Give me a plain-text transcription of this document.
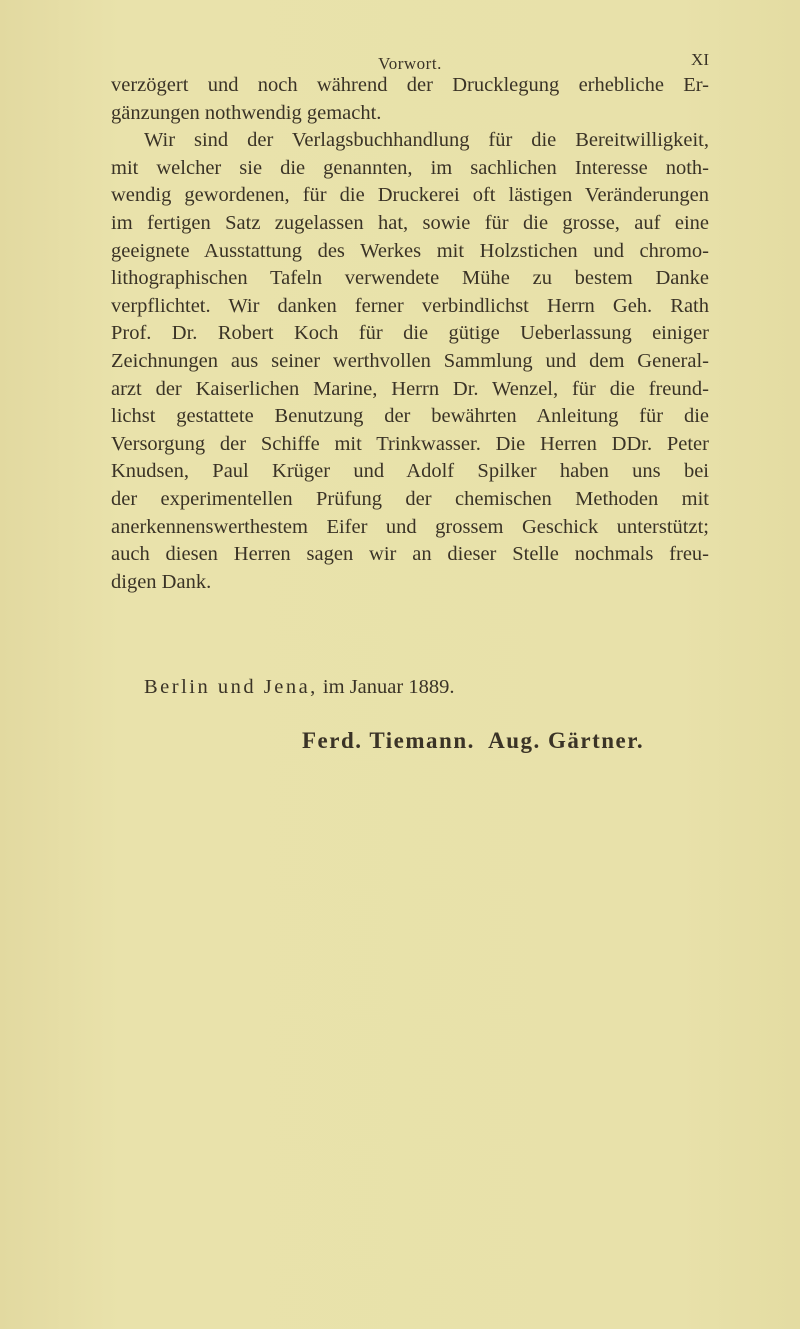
Vorwort.	XI
verzögert und noch während der Drucklegung erhebliche Er-
gänzungen nothwendig gemacht.
Wir sind der Verlagsbuchhandlung für die Bereitwilligkeit,
mit welcher sie die genannten, im sachlichen Interesse noth-
wendig gewordenen, für die Druckerei oft lästigen Veränderungen
im fertigen Satz zugelassen hat, sowie für die grosse, auf eine
geeignete Ausstattung des Werkes mit Holzstichen und chromo-
lithographischen Tafeln verwendete Mühe zu bestem Danke
verpflichtet. Wir danken ferner verbindlichst Herrn Geh. Rath
Prof. Dr. Robert Koch für die gütige Ueberlassung einiger
Zeichnungen aus seiner werthvollen Sammlung und dem General-
arzt der Kaiserlichen Marine, Herrn Dr. Wenzel, für die freund-
lichst gestattete Benutzung der bewährten Anleitung für die
Versorgung der Schiffe mit Trinkwasser. Die Herren DDr. Peter
Knudsen, Paul Krüger und Adolf Spilker haben uns bei
der experimentellen Prüfung der chemischen Methoden mit
anerkennenswerthestem Eifer und grossem Geschick unterstützt;
auch diesen Herren sagen wir an dieser Stelle nochmals freu-
digen Dank.
Berlin und Jena, im Januar 1889.
Ferd. Tiemann.  Aug. Gärtner.
